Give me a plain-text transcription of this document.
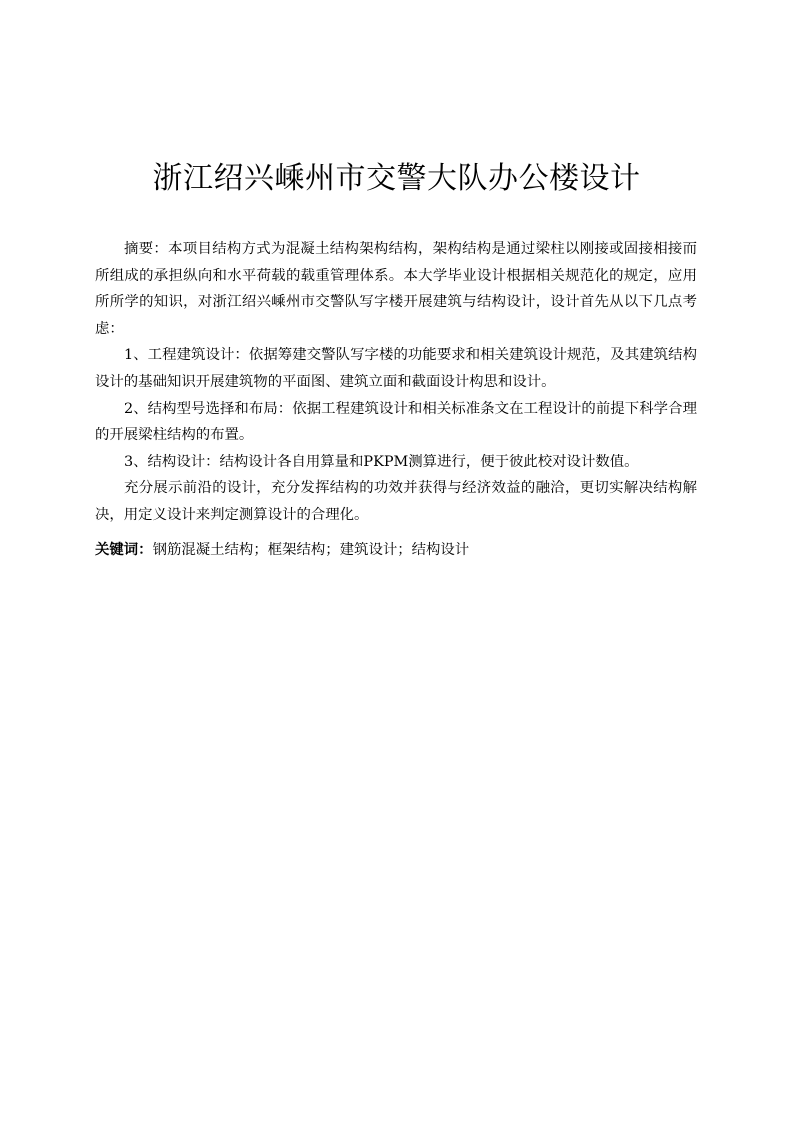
浙江绍兴嵊州市交警大队办公楼设计

摘要：本项目结构方式为混凝土结构架构结构，架构结构是通过梁柱以刚接或固接相接而所组成的承担纵向和水平荷载的载重管理体系。本大学毕业设计根据相关规范化的规定，应用所所学的知识，对浙江绍兴嵊州市交警队写字楼开展建筑与结构设计，设计首先从以下几点考虑：

1、工程建筑设计：依据筹建交警队写字楼的功能要求和相关建筑设计规范，及其建筑结构设计的基础知识开展建筑物的平面图、建筑立面和截面设计构思和设计。

2、结构型号选择和布局：依据工程建筑设计和相关标准条文在工程设计的前提下科学合理的开展梁柱结构的布置。

3、结构设计：结构设计各自用算量和PKPM测算进行，便于彼此校对设计数值。

充分展示前沿的设计，充分发挥结构的功效并获得与经济效益的融洽，更切实解决结构解决，用定义设计来判定测算设计的合理化。

关键词：钢筋混凝土结构；框架结构；建筑设计；结构设计
